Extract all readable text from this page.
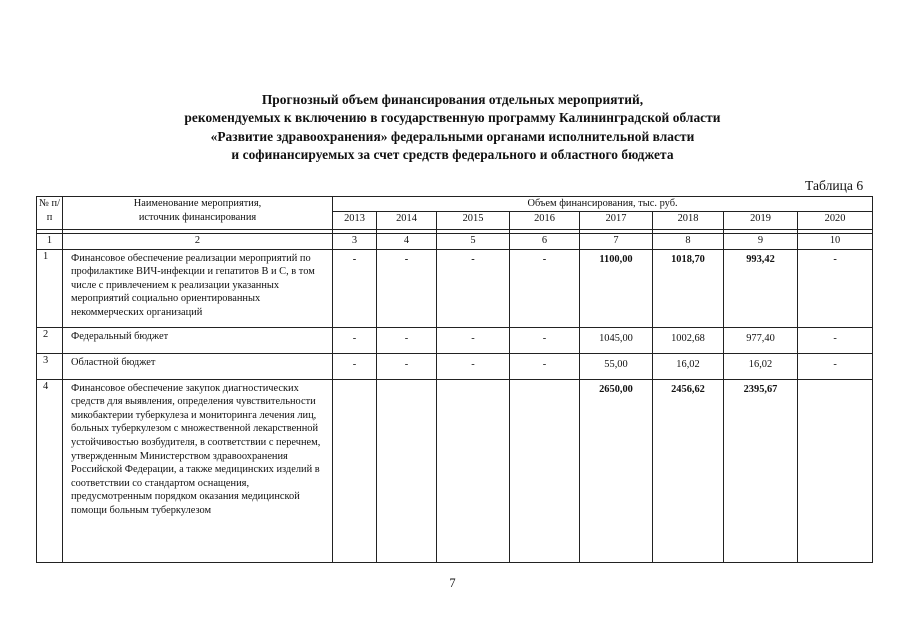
Прогнозный объем финансирования отдельных мероприятий,
рекомендуемых к включению в государственную программу Калининградской области
«Развитие здравоохранения» федеральными органами исполнительной власти
и софинансируемых за счет средств федерального и областного бюджета
Таблица 6
№ п/п	Наименование мероприятия,
источник финансирования	Объем финансирования, тыс. руб.							
		2013	2014	2015	2016	2017	2018	2019	2020

1	2	3	4	5	6	7	8	9	10
1	Финансовое обеспечение реализации мероприятий по профилактике ВИЧ-инфекции и гепатитов В и С, в том числе с привлечением к реализации указанных мероприятий социально ориентированных некоммерческих организаций	-	-	-	-	1100,00	1018,70	993,42	-
2	Федеральный бюджет	-	-	-	-	1045,00	1002,68	977,40	-
3	Областной бюджет	-	-	-	-	55,00	16,02	16,02	-
4	Финансовое обеспечение закупок диагностических средств для выявления, определения чувствительности микобактерии туберкулеза и мониторинга лечения лиц, больных туберкулезом с множественной лекарственной устойчивостью возбудителя, в соответствии с перечнем, утвержденным Министерством здравоохранения Российской Федерации, а также медицинских изделий в соответствии со стандартом оснащения, предусмотренным порядком оказания медицинской помощи больным туберкулезом					2650,00	2456,62	2395,67	
7
